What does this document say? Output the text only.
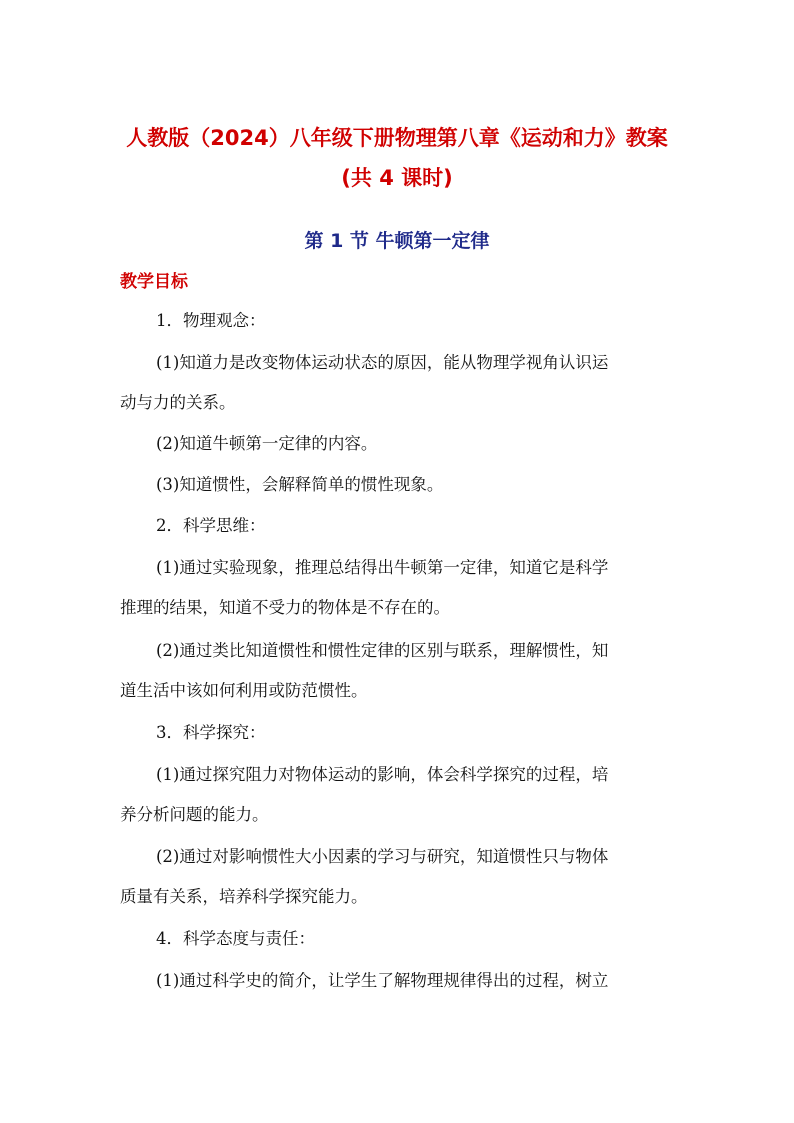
人教版（2024）八年级下册物理第八章《运动和力》教案
(共 4 课时)
第 1 节 牛顿第一定律
教学目标
1．物理观念：
(1)知道力是改变物体运动状态的原因，能从物理学视角认识运
动与力的关系。
(2)知道牛顿第一定律的内容。
(3)知道惯性，会解释简单的惯性现象。
2．科学思维：
(1)通过实验现象，推理总结得出牛顿第一定律，知道它是科学
推理的结果，知道不受力的物体是不存在的。
(2)通过类比知道惯性和惯性定律的区别与联系，理解惯性，知
道生活中该如何利用或防范惯性。
3．科学探究：
(1)通过探究阻力对物体运动的影响，体会科学探究的过程，培
养分析问题的能力。
(2)通过对影响惯性大小因素的学习与研究，知道惯性只与物体
质量有关系，培养科学探究能力。
4．科学态度与责任：
(1)通过科学史的简介，让学生了解物理规律得出的过程，树立
